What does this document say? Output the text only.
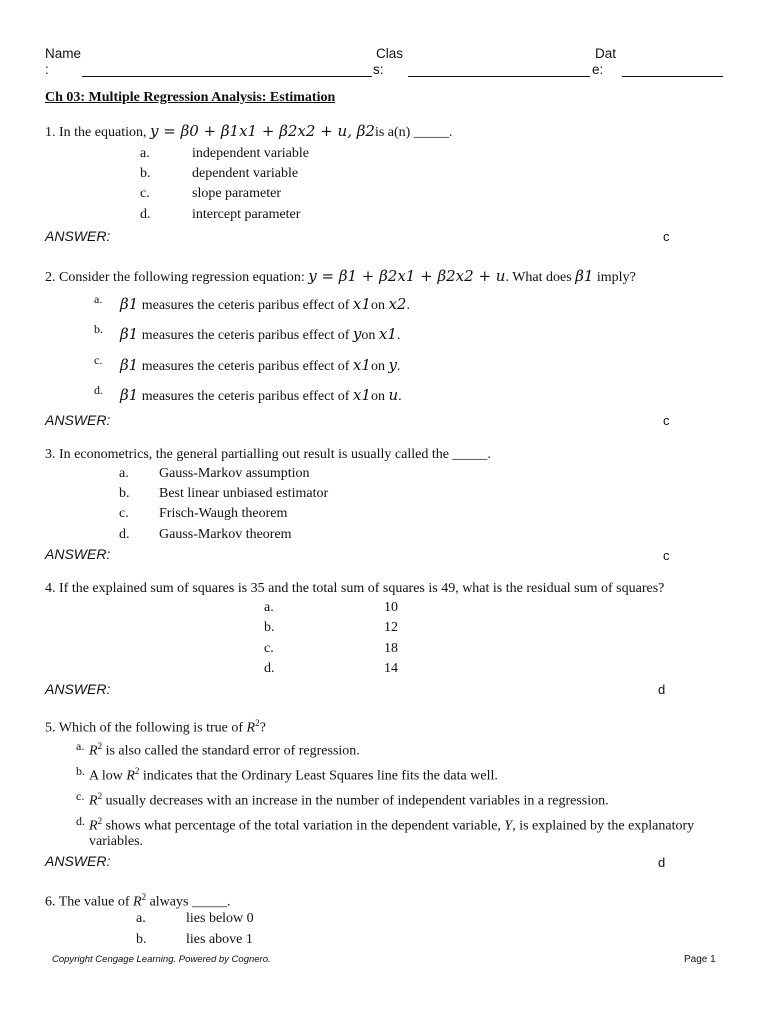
Name
:
Clas
s:
Dat
e:
Ch 03: Multiple Regression Analysis: Estimation
1. In the equation, y = β0 + β1x1 + β2x2 + u, β2is a(n) _____.
a.	independent variable
b.	dependent variable
c.	slope parameter
d.	intercept parameter
ANSWER:	c
2. Consider the following regression equation: y = β1 + β2x1 + β2x2 + u. What does β1 imply?
a. β1 measures the ceteris paribus effect of x1on x2.
b. β1 measures the ceteris paribus effect of yon x1.
c. β1 measures the ceteris paribus effect of x1on y.
d. β1 measures the ceteris paribus effect of x1on u.
ANSWER:	c
3. In econometrics, the general partialling out result is usually called the _____.
a. Gauss-Markov assumption
b. Best linear unbiased estimator
c. Frisch-Waugh theorem
d. Gauss-Markov theorem
ANSWER:	c
4. If the explained sum of squares is 35 and the total sum of squares is 49, what is the residual sum of squares?
a.	10
b.	12
c.	18
d.	14
ANSWER:	d
5. Which of the following is true of $R^2$?
a. $R^2$ is also called the standard error of regression.
b. A low $R^2$ indicates that the Ordinary Least Squares line fits the data well.
c. $R^2$ usually decreases with an increase in the number of independent variables in a regression.
d. $R^2$ shows what percentage of the total variation in the dependent variable, Y, is explained by the explanatory
variables.
ANSWER:	d
6. The value of $R^2$ always _____.
a.	lies below 0
b.	lies above 1
Copyright Cengage Learning. Powered by Cognero.	Page 1
